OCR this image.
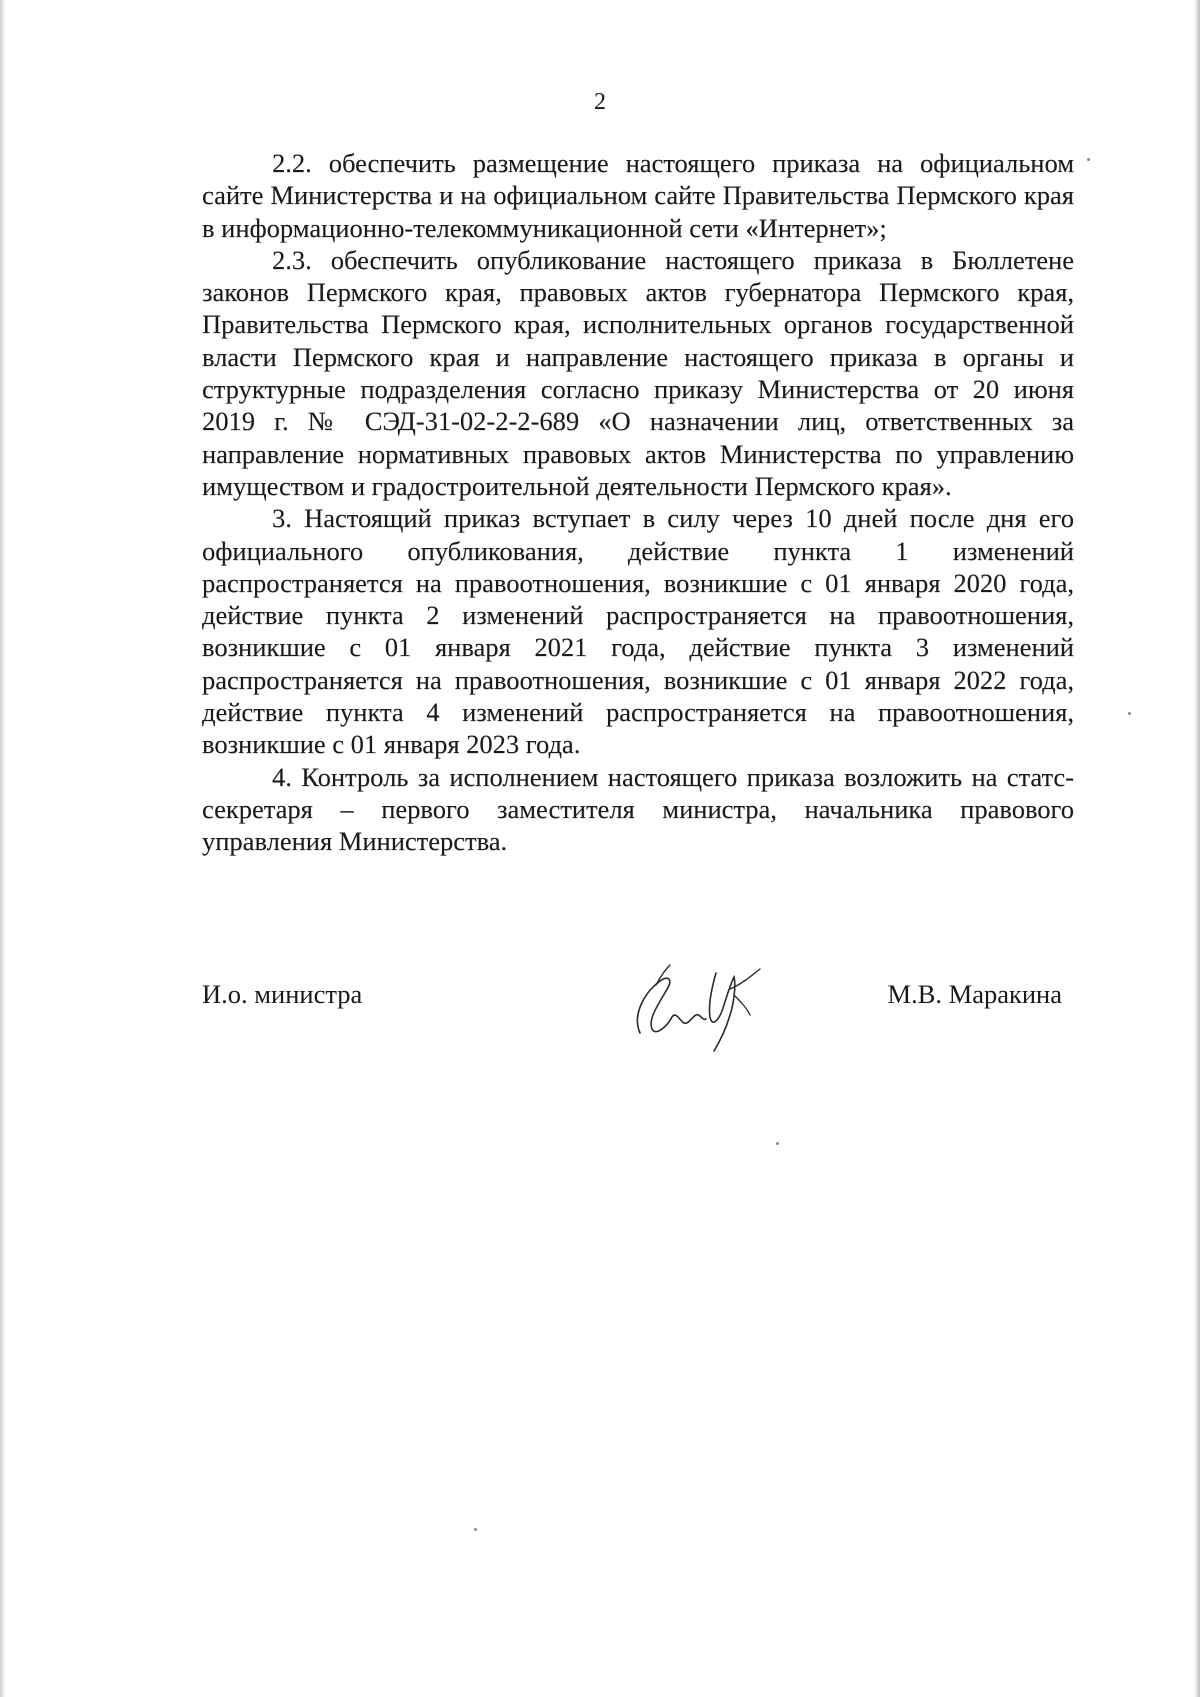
2

2.2. обеспечить размещение настоящего приказа на официальном сайте Министерства и на официальном сайте Правительства Пермского края в информационно-телекоммуникационной сети «Интернет»;

2.3. обеспечить опубликование настоящего приказа в Бюллетене законов Пермского края, правовых актов губернатора Пермского края, Правительства Пермского края, исполнительных органов государственной власти Пермского края и направление настоящего приказа в органы и структурные подразделения согласно приказу Министерства от 20 июня 2019 г. № СЭД-31-02-2-2-689 «О назначении лиц, ответственных за направление нормативных правовых актов Министерства по управлению имуществом и градостроительной деятельности Пермского края».

3. Настоящий приказ вступает в силу через 10 дней после дня его официального опубликования, действие пункта 1 изменений распространяется на правоотношения, возникшие с 01 января 2020 года, действие пункта 2 изменений распространяется на правоотношения, возникшие с 01 января 2021 года, действие пункта 3 изменений распространяется на правоотношения, возникшие с 01 января 2022 года, действие пункта 4 изменений распространяется на правоотношения, возникшие с 01 января 2023 года.

4. Контроль за исполнением настоящего приказа возложить на статс-секретаря – первого заместителя министра, начальника правового управления Министерства.

И.о. министра	М.В. Маракина
